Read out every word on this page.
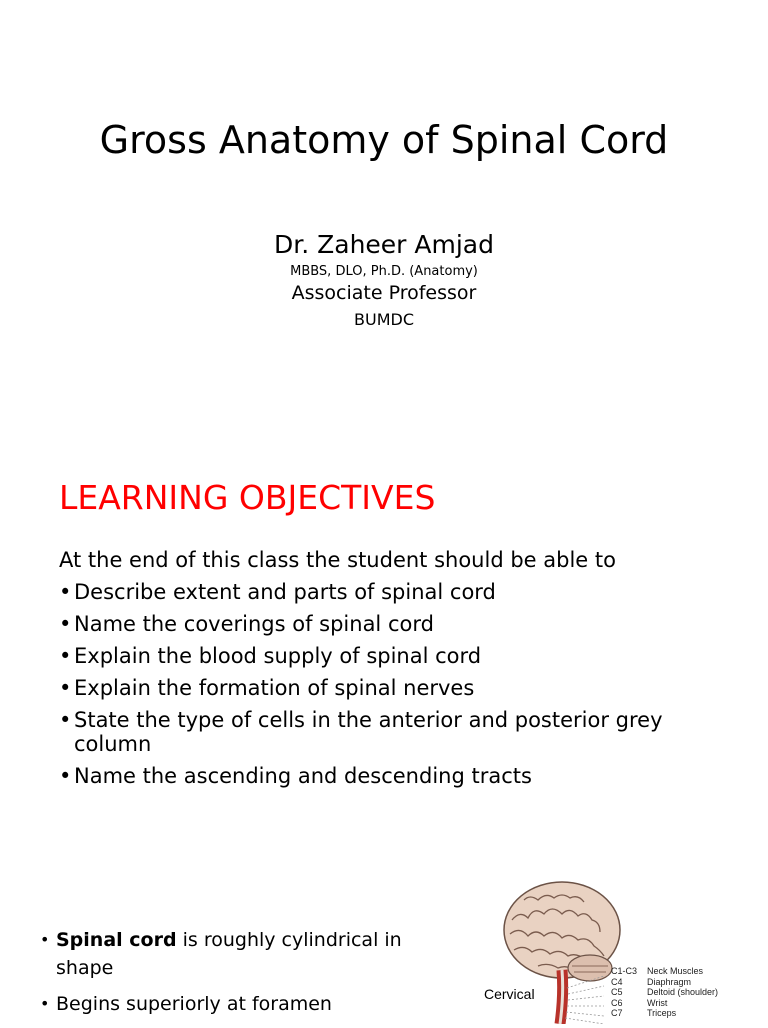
Gross Anatomy of Spinal Cord
Dr. Zaheer Amjad
MBBS, DLO, Ph.D. (Anatomy)
Associate Professor
BUMDC
LEARNING OBJECTIVES
At the end of this class the student should be able to
• Describe extent and parts of spinal cord
• Name the coverings of spinal cord
• Explain the blood supply of spinal cord
• Explain the formation of spinal nerves
• State the type of cells in the anterior and posterior grey column
• Name the ascending and descending tracts
• Spinal cord is roughly cylindrical in shape
• Begins superiorly at foramen	Cervical
C1-C3	Neck Muscles
C4	Diaphragm
C5	Deltoid (shoulder)
C6	Wrist
C7	Triceps
